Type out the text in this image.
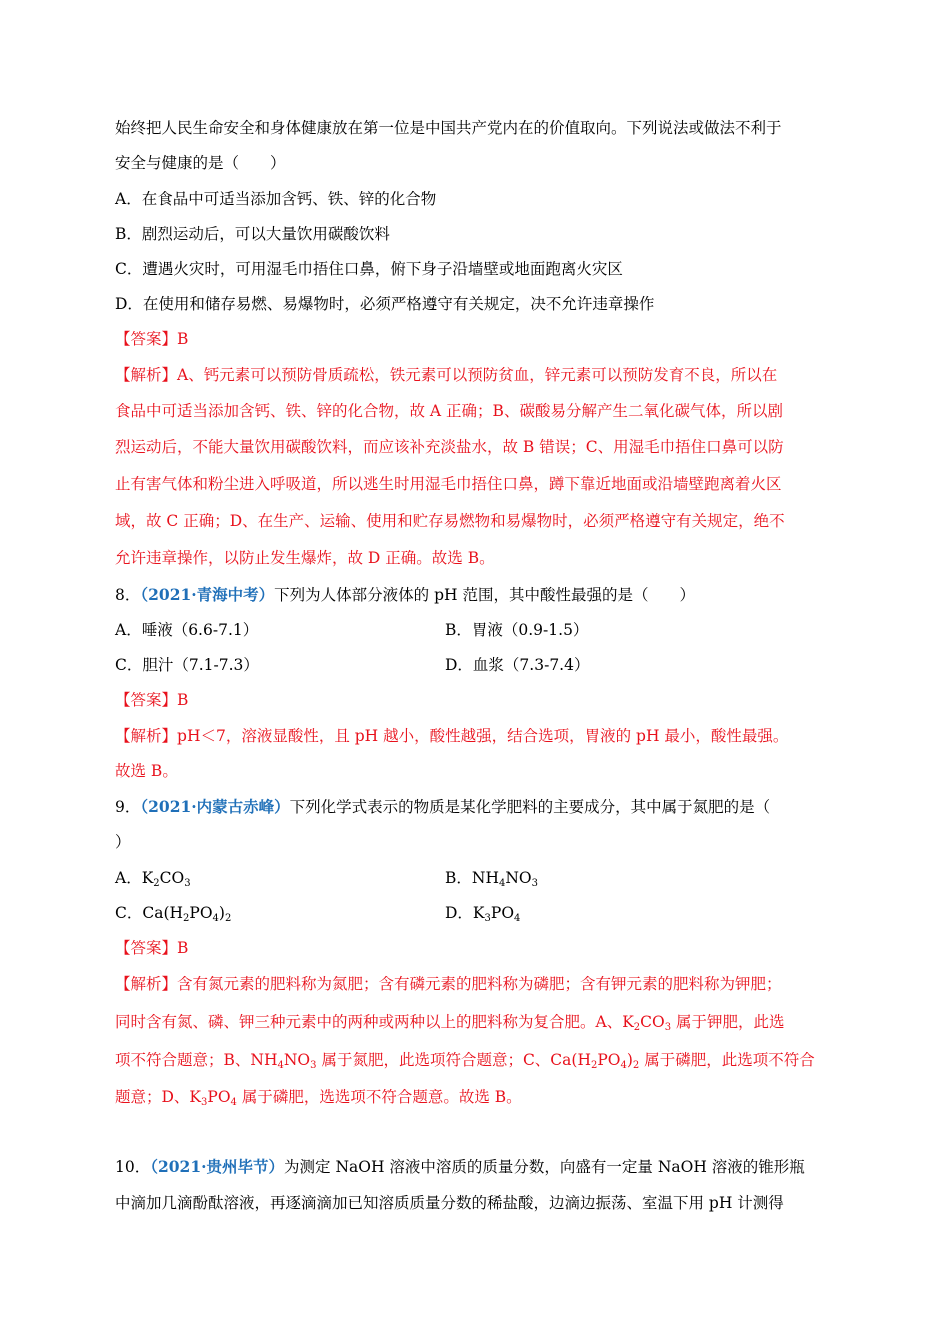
始终把人民生命安全和身体健康放在第一位是中国共产党内在的价值取向。下列说法或做法不利于
安全与健康的是（　　）
A．在食品中可适当添加含钙、铁、锌的化合物
B．剧烈运动后，可以大量饮用碳酸饮料
C．遭遇火灾时，可用湿毛巾捂住口鼻，俯下身子沿墙壁或地面跑离火灾区
D．在使用和储存易燃、易爆物时，必须严格遵守有关规定，决不允许违章操作
【答案】B
【解析】A、钙元素可以预防骨质疏松，铁元素可以预防贫血，锌元素可以预防发育不良，所以在
食品中可适当添加含钙、铁、锌的化合物，故 A 正确；B、碳酸易分解产生二氧化碳气体，所以剧
烈运动后，不能大量饮用碳酸饮料，而应该补充淡盐水，故 B 错误；C、用湿毛巾捂住口鼻可以防
止有害气体和粉尘进入呼吸道，所以逃生时用湿毛巾捂住口鼻，蹲下靠近地面或沿墙壁跑离着火区
域，故 C 正确；D、在生产、运输、使用和贮存易燃物和易爆物时，必须严格遵守有关规定，绝不
允许违章操作，以防止发生爆炸，故 D 正确。故选 B。
8．（2021·青海中考）下列为人体部分液体的 pH 范围，其中酸性最强的是（　　）
A．唾液（6.6-7.1）	B．胃液（0.9-1.5）
C．胆汁（7.1-7.3）	D．血浆（7.3-7.4）
【答案】B
【解析】pH＜7，溶液显酸性，且 pH 越小，酸性越强，结合选项，胃液的 pH 最小，酸性最强。
故选 B。
9．（2021·内蒙古赤峰）下列化学式表示的物质是某化学肥料的主要成分，其中属于氮肥的是（
）
A．$K_2CO_3$	B．$NH_4NO_3$
C．$Ca(H_2PO_4)_2$	D．$K_3PO_4$
【答案】B
【解析】含有氮元素的肥料称为氮肥；含有磷元素的肥料称为磷肥；含有钾元素的肥料称为钾肥；
同时含有氮、磷、钾三种元素中的两种或两种以上的肥料称为复合肥。A、$K_2CO_3$ 属于钾肥，此选
项不符合题意；B、$NH_4NO_3$ 属于氮肥，此选项符合题意；C、$Ca(H_2PO_4)_2$ 属于磷肥，此选项不符合
题意；D、$K_3PO_4$ 属于磷肥，选选项不符合题意。故选 B。
10．（2021·贵州毕节）为测定 NaOH 溶液中溶质的质量分数，向盛有一定量 NaOH 溶液的锥形瓶
中滴加几滴酚酞溶液，再逐滴滴加已知溶质质量分数的稀盐酸，边滴边振荡、室温下用 pH 计测得
